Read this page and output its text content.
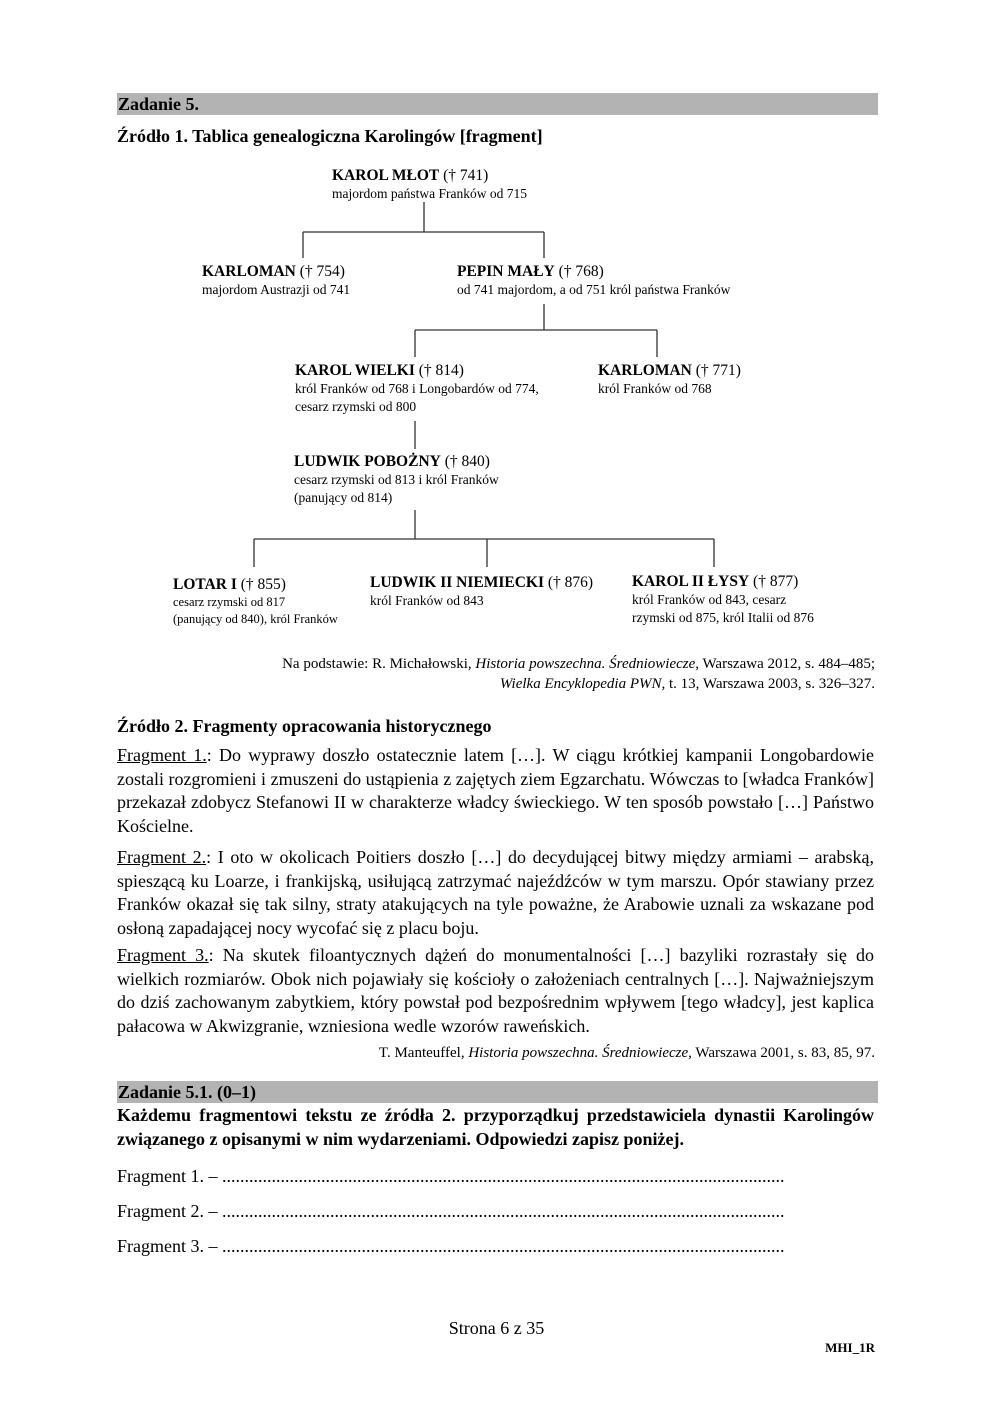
Zadanie 5.
Źródło 1. Tablica genealogiczna Karolingów [fragment]
KAROL MŁOT († 741)
majordom państwa Franków od 715
KARLOMAN († 754)
majordom Austrazji od 741
PEPIN MAŁY († 768)
od 741 majordom, a od 751 król państwa Franków
KAROL WIELKI († 814)
król Franków od 768 i Longobardów od 774,
cesarz rzymski od 800
KARLOMAN († 771)
król Franków od 768
LUDWIK POBOŻNY († 840)
cesarz rzymski od 813 i król Franków
(panujący od 814)
LOTAR I († 855)
cesarz rzymski od 817
(panujący od 840), król Franków
LUDWIK II NIEMIECKI († 876)
król Franków od 843
KAROL II ŁYSY († 877)
król Franków od 843, cesarz
rzymski od 875, król Italii od 876
Na podstawie: R. Michałowski, Historia powszechna. Średniowiecze, Warszawa 2012, s. 484–485;
Wielka Encyklopedia PWN, t. 13, Warszawa 2003, s. 326–327.
Źródło 2. Fragmenty opracowania historycznego
Fragment 1.: Do wyprawy doszło ostatecznie latem […]. W ciągu krótkiej kampanii Longobardowie zostali rozgromieni i zmuszeni do ustąpienia z zajętych ziem Egzarchatu. Wówczas to [władca Franków] przekazał zdobycz Stefanowi II w charakterze władcy świeckiego. W ten sposób powstało […] Państwo Kościelne.
Fragment 2.: I oto w okolicach Poitiers doszło […] do decydującej bitwy między armiami – arabską, spieszącą ku Loarze, i frankijską, usiłującą zatrzymać najeźdźców w tym marszu. Opór stawiany przez Franków okazał się tak silny, straty atakujących na tyle poważne, że Arabowie uznali za wskazane pod osłoną zapadającej nocy wycofać się z placu boju.
Fragment 3.: Na skutek filoantycznych dążeń do monumentalności […] bazyliki rozrastały się do wielkich rozmiarów. Obok nich pojawiały się kościoły o założeniach centralnych […]. Najważniejszym do dziś zachowanym zabytkiem, który powstał pod bezpośrednim wpływem [tego władcy], jest kaplica pałacowa w Akwizgranie, wzniesiona wedle wzorów raweńskich.
T. Manteuffel, Historia powszechna. Średniowiecze, Warszawa 2001, s. 83, 85, 97.
Zadanie 5.1. (0–1)
Każdemu fragmentowi tekstu ze źródła 2. przyporządkuj przedstawiciela dynastii Karolingów związanego z opisanymi w nim wydarzeniami. Odpowiedzi zapisz poniżej.
Fragment 1. – .............................................................................................................................
Fragment 2. – .............................................................................................................................
Fragment 3. – .............................................................................................................................
Strona 6 z 35
MHI_1R
